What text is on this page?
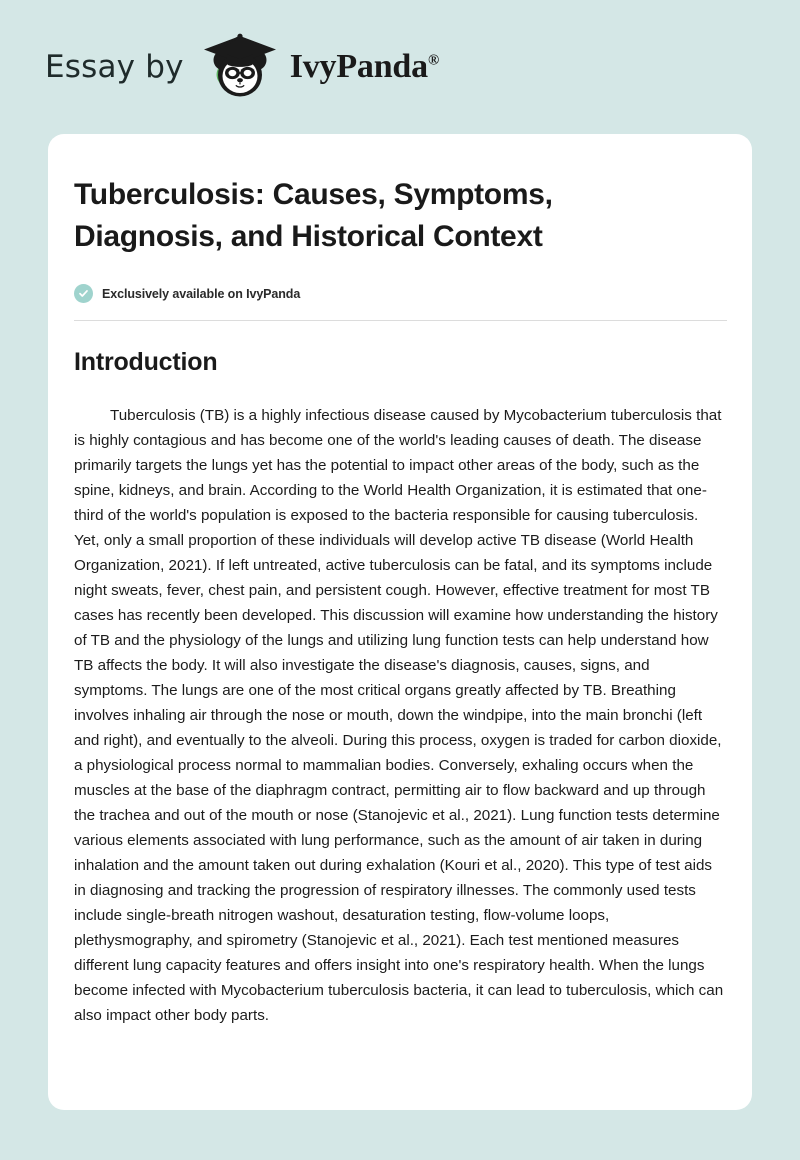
Essay by	IvyPanda®
Tuberculosis: Causes, Symptoms, Diagnosis, and Historical Context
Exclusively available on IvyPanda
Introduction

Tuberculosis (TB) is a highly infectious disease caused by Mycobacterium tuberculosis that is highly contagious and has become one of the world's leading causes of death. The disease primarily targets the lungs yet has the potential to impact other areas of the body, such as the spine, kidneys, and brain. According to the World Health Organization, it is estimated that one-third of the world's population is exposed to the bacteria responsible for causing tuberculosis. Yet, only a small proportion of these individuals will develop active TB disease (World Health Organization, 2021). If left untreated, active tuberculosis can be fatal, and its symptoms include night sweats, fever, chest pain, and persistent cough. However, effective treatment for most TB cases has recently been developed. This discussion will examine how understanding the history of TB and the physiology of the lungs and utilizing lung function tests can help understand how TB affects the body. It will also investigate the disease's diagnosis, causes, signs, and symptoms. The lungs are one of the most critical organs greatly affected by TB. Breathing involves inhaling air through the nose or mouth, down the windpipe, into the main bronchi (left and right), and eventually to the alveoli. During this process, oxygen is traded for carbon dioxide, a physiological process normal to mammalian bodies. Conversely, exhaling occurs when the muscles at the base of the diaphragm contract, permitting air to flow backward and up through the trachea and out of the mouth or nose (Stanojevic et al., 2021). Lung function tests determine various elements associated with lung performance, such as the amount of air taken in during inhalation and the amount taken out during exhalation (Kouri et al., 2020). This type of test aids in diagnosing and tracking the progression of respiratory illnesses. The commonly used tests include single-breath nitrogen washout, desaturation testing, flow-volume loops, plethysmography, and spirometry (Stanojevic et al., 2021). Each test mentioned measures different lung capacity features and offers insight into one's respiratory health. When the lungs become infected with Mycobacterium tuberculosis bacteria, it can lead to tuberculosis, which can also impact other body parts.
